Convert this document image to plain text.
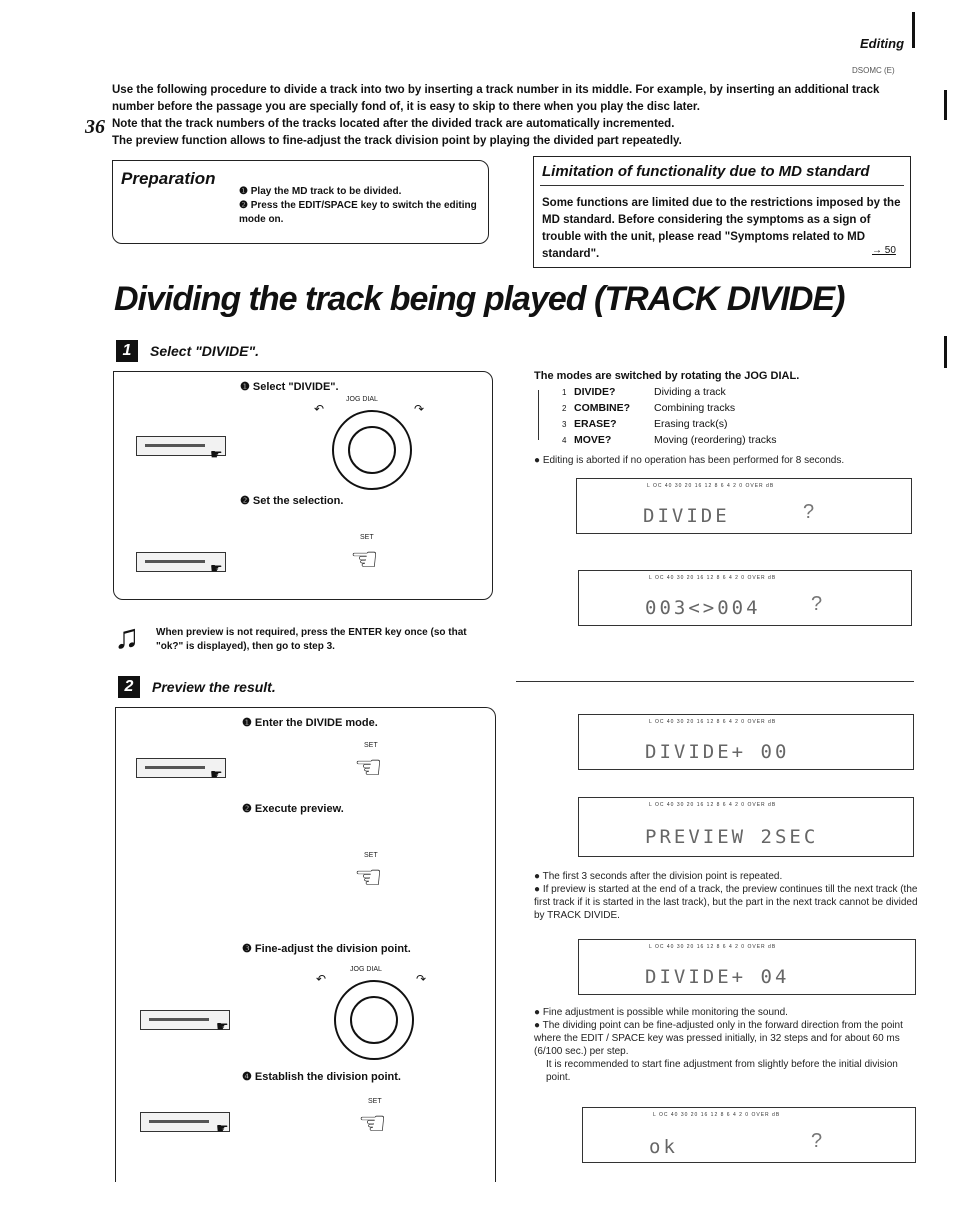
Editing
DSOMC (E)
36

Use the following procedure to divide a track into two by inserting a track number in its middle. For example, by inserting an additional track number before the passage you are specially fond of, it is easy to skip to there when you play the disc later.

Note that the track numbers of the tracks located after the divided track are automatically incremented.

The preview function allows to fine-adjust the track division point by playing the divided part repeatedly.

Preparation
❶ Play the MD track to be divided.
❷ Press the EDIT/SPACE key to switch the editing mode on.
Limitation of functionality due to MD standard
Some functions are limited due to the restrictions imposed by the MD standard. Before considering the symptoms as a sign of trouble with the unit, please read "Symptoms related to MD standard".	→ 50
Dividing the track being played (TRACK DIVIDE)
1	Select "DIVIDE".
❶ Select "DIVIDE".
JOG DIAL
↶	↷
☛
❷ Set the selection.
SET
☜
☛
♫ When preview is not required, press the ENTER key once (so that "ok?" is displayed), then go to step 3.
The modes are switched by rotating the JOG DIAL.
1 DIVIDE?	Dividing a track
2 COMBINE? Combining tracks
3 ERASE?	Erasing track(s)
4 MOVE?	Moving (reordering) tracks
● Editing is aborted if no operation has been performed for 8 seconds.
L OC 40 30 20 16 12 8 6 4 2 0 OVER dB
DIVIDE	?
L OC 40 30 20 16 12 8 6 4 2 0 OVER dB
003<>004	?
2	Preview the result.
❶ Enter the DIVIDE mode.
SET
☜
☛
❷ Execute preview.
SET
☜
❸ Fine-adjust the division point.
JOG DIAL
↶	↷
☛
❹ Establish the division point.
SET
☜
☛
L OC 40 30 20 16 12 8 6 4 2 0 OVER dB
DIVIDE+ 00
L OC 40 30 20 16 12 8 6 4 2 0 OVER dB
PREVIEW 2SEC
● The first 3 seconds after the division point is repeated.
● If preview is started at the end of a track, the preview continues till the next track (the first track if it is started in the last track), but the part in the next track cannot be divided by TRACK DIVIDE.
L OC 40 30 20 16 12 8 6 4 2 0 OVER dB
DIVIDE+ 04
● Fine adjustment is possible while monitoring the sound.
● The dividing point can be fine-adjusted only in the forward direction from the point where the EDIT / SPACE key was pressed initially, in 32 steps and for about 60 ms (6/100 sec.) per step.
It is recommended to start fine adjustment from slightly before the initial division point.
L OC 40 30 20 16 12 8 6 4 2 0 OVER dB
ok	?
